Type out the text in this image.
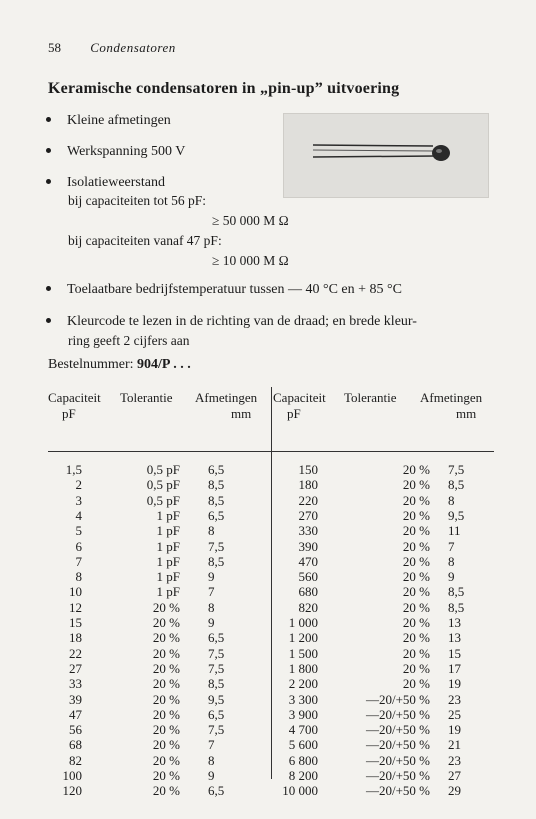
58 Condensatoren
Keramische condensatoren in „pin-up” uitvoering
Kleine afmetingen
Werkspanning 500 V
Isolatieweerstand
bij capaciteiten tot 56 pF:
≥ 50 000 M Ω
bij capaciteiten vanaf 47 pF:
≥ 10 000 M Ω
Toelaatbare bedrijfstemperatuur tussen — 40 °C en + 85 °C
Kleurcode te lezen in de richting van de draad; en brede kleur-
ring geeft 2 cijfers aan
Bestelnummer: 904/P . . .
Capaciteit
pF
Tolerantie Afmetingen
mm
Capaciteit
pF
Tolerantie Afmetingen
mm
1,5	0,5 pF 6,5
2	0,5 pF 8,5
3	0,5 pF 8,5
4	1 pF 6,5
5	1 pF 8
6	1 pF 7,5
7	1 pF 8,5
8	1 pF 9
10	1 pF 7
12	20 % 8
15	20 % 9
18	20 % 6,5
22	20 % 7,5
27	20 % 7,5
33	20 % 8,5
39	20 % 9,5
47	20 % 6,5
56	20 % 7,5
68	20 % 7
82	20 % 8
100	20 % 9
120	20 % 6,5
150	20 % 7,5
180	20 % 8,5
220	20 % 8
270	20 % 9,5
330	20 % 11
390	20 % 7
470	20 % 8
560	20 % 9
680	20 % 8,5
820	20 % 8,5
1 000	20 % 13
1 200	20 % 13
1 500	20 % 15
1 800	20 % 17
2 200	20 % 19
3 300	—20/+50 % 23
3 900	—20/+50 % 25
4 700	—20/+50 % 19
5 600	—20/+50 % 21
6 800	—20/+50 % 23
8 200	—20/+50 % 27
10 000	—20/+50 % 29
